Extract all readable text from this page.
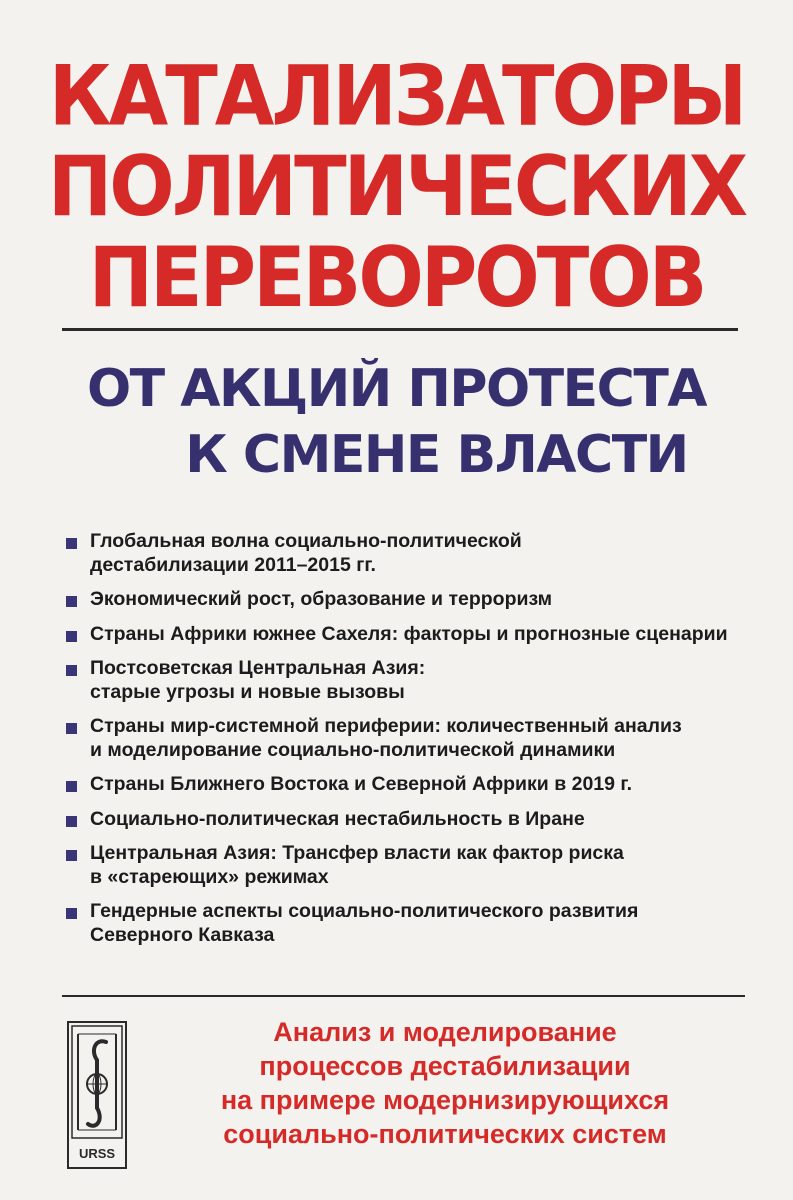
КАТАЛИЗАТОРЫ
ПОЛИТИЧЕСКИХ
ПЕРЕВОРОТОВ
ОТ АКЦИЙ ПРОТЕСТА
К СМЕНЕ ВЛАСТИ
Глобальная волна социально-политической
дестабилизации 2011–2015 гг.
Экономический рост, образование и терроризм
Страны Африки южнее Сахеля: факторы и прогнозные сценарии
Постсоветская Центральная Азия:
старые угрозы и новые вызовы
Страны мир-системной периферии: количественный анализ
и моделирование социально-политической динамики
Страны Ближнего Востока и Северной Африки в 2019 г.
Социально-политическая нестабильность в Иране
Центральная Азия: Трансфер власти как фактор риска
в «стареющих» режимах
Гендерные аспекты социально-политического развития
Северного Кавказа
URSS
Анализ и моделирование
процессов дестабилизации
на примере модернизирующихся
социально-политических систем
